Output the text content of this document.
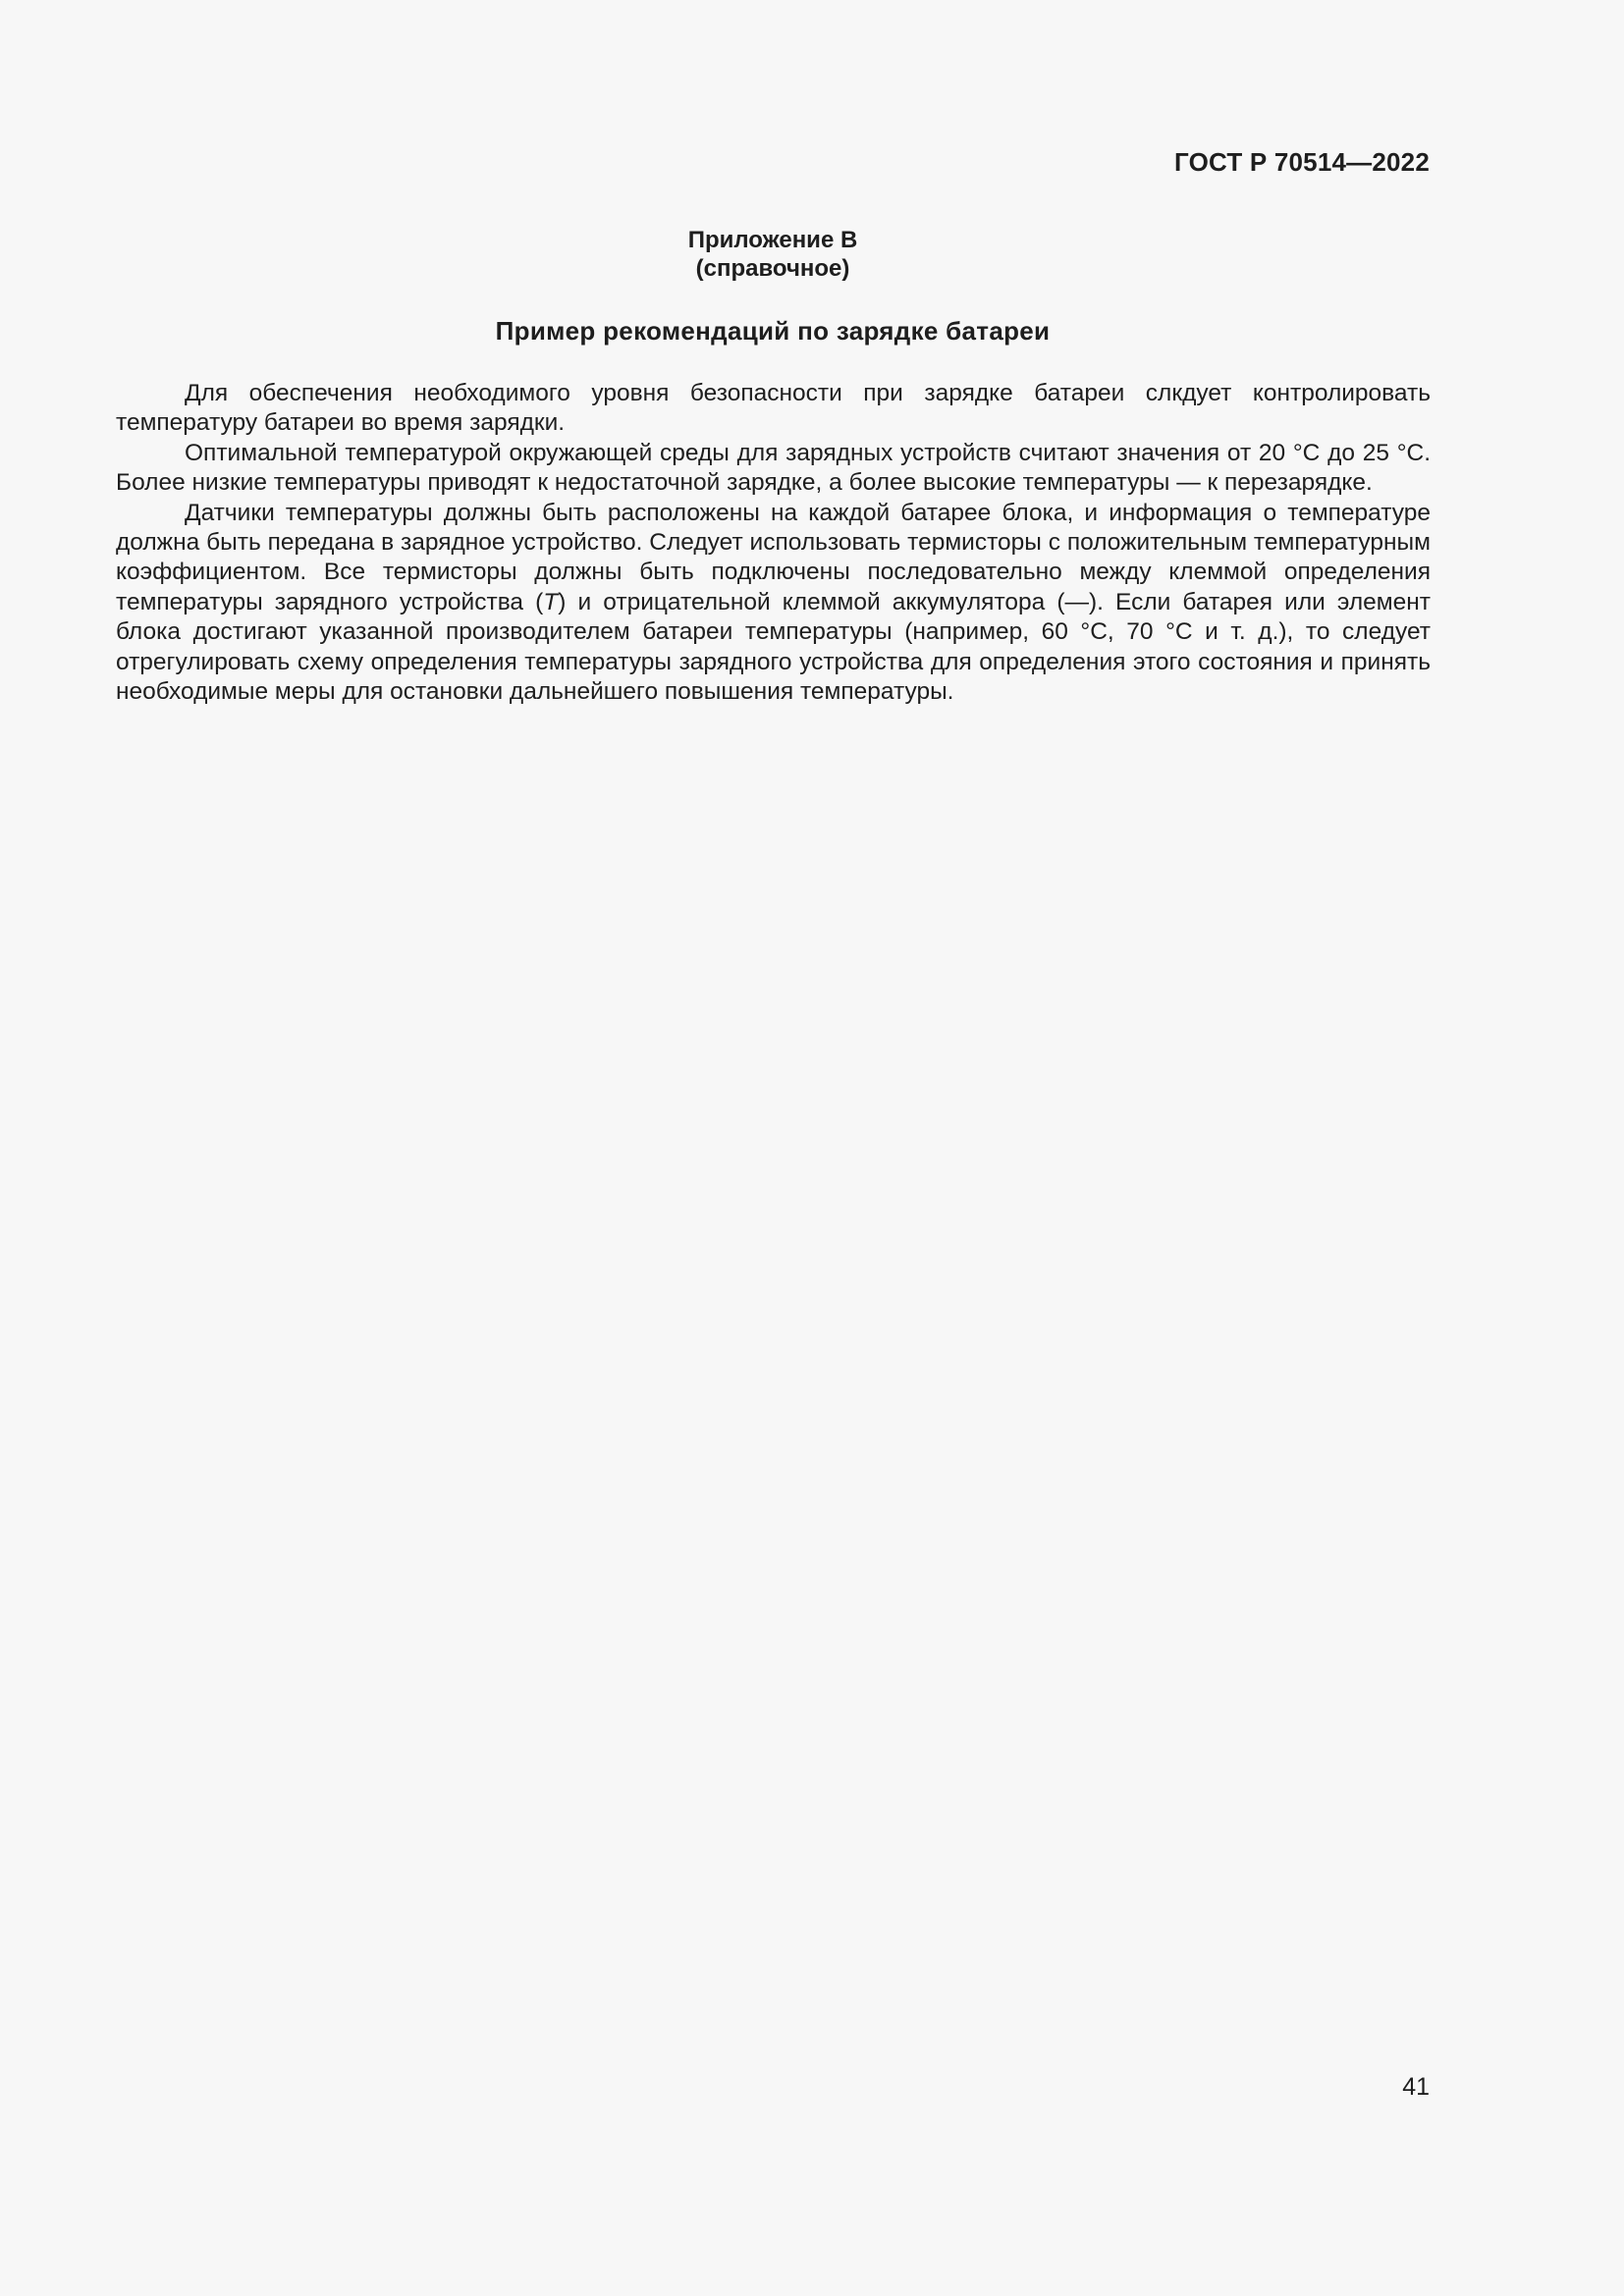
ГОСТ Р 70514—2022
Приложение В
(справочное)
Пример рекомендаций по зарядке батареи

Для обеспечения необходимого уровня безопасности при зарядке батареи слкдует контролировать температуру батареи во время зарядки.

Оптимальной температурой окружающей среды для зарядных устройств считают значения от 20 °С до 25 °С. Более низкие температуры приводят к недостаточной зарядке, а более высокие температуры — к перезарядке.

Датчики температуры должны быть расположены на каждой батарее блока, и информация о температуре должна быть передана в зарядное устройство. Следует использовать термисторы с положительным температурным коэффициентом. Все термисторы должны быть подключены последовательно между клеммой определения температуры зарядного устройства (T) и отрицательной клеммой аккумулятора (—). Если батарея или элемент блока достигают указанной производителем батареи температуры (например, 60 °С, 70 °С и т. д.), то следует отрегулировать схему определения температуры зарядного устройства для определения этого состояния и принять необходимые меры для остановки дальнейшего повышения температуры.

41
